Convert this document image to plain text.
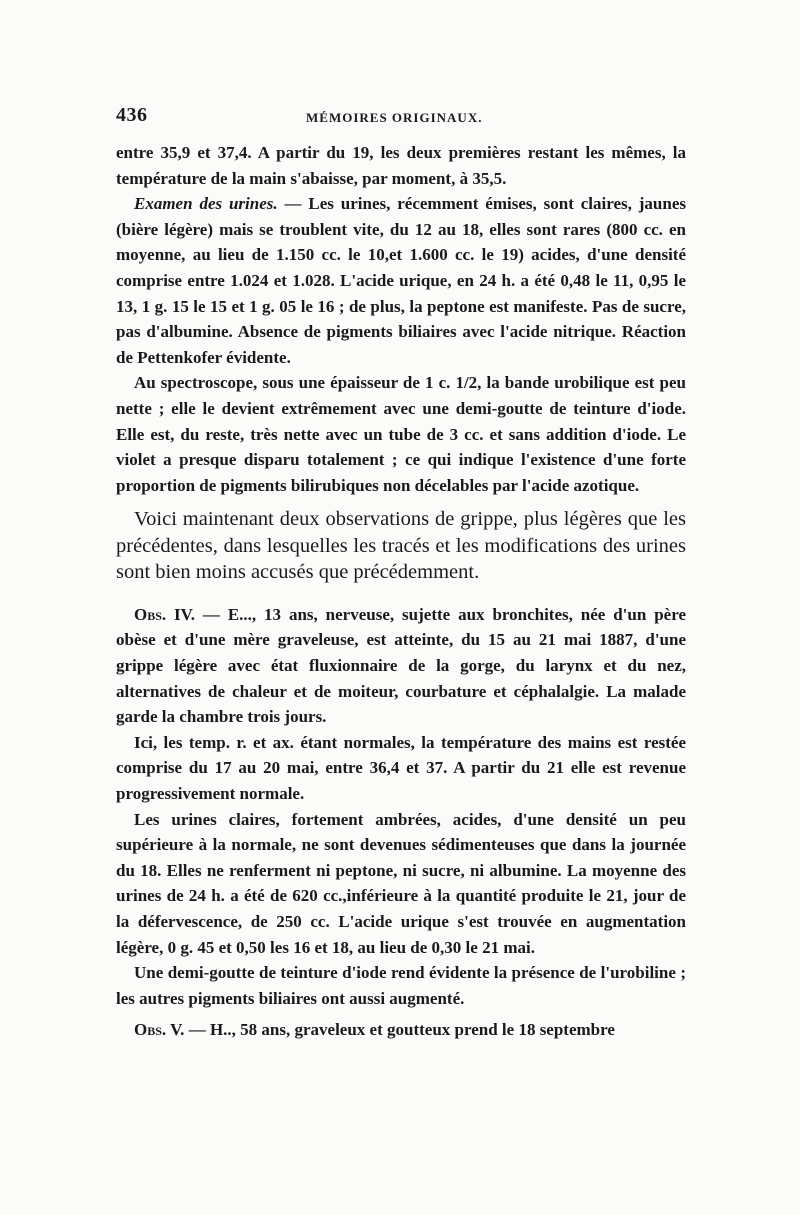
436	MÉMOIRES ORIGINAUX.

entre 35,9 et 37,4. A partir du 19, les deux premières restant les mêmes, la température de la main s'abaisse, par moment, à 35,5.

Examen des urines. — Les urines, récemment émises, sont claires, jaunes (bière légère) mais se troublent vite, du 12 au 18, elles sont rares (800 cc. en moyenne, au lieu de 1.150 cc. le 10,et 1.600 cc. le 19) acides, d'une densité comprise entre 1.024 et 1.028. L'acide urique, en 24 h. a été 0,48 le 11, 0,95 le 13, 1 g. 15 le 15 et 1 g. 05 le 16 ; de plus, la peptone est manifeste. Pas de sucre, pas d'albumine. Absence de pigments biliaires avec l'acide nitrique. Réaction de Pettenkofer évidente.

Au spectroscope, sous une épaisseur de 1 c. 1/2, la bande urobilique est peu nette ; elle le devient extrêmement avec une demi-goutte de teinture d'iode. Elle est, du reste, très nette avec un tube de 3 cc. et sans addition d'iode. Le violet a presque disparu totalement ; ce qui indique l'existence d'une forte proportion de pigments bilirubiques non décelables par l'acide azotique.

Voici maintenant deux observations de grippe, plus légères que les précédentes, dans lesquelles les tracés et les modifications des urines sont bien moins accusés que précédemment.

Obs. IV. — E..., 13 ans, nerveuse, sujette aux bronchites, née d'un père obèse et d'une mère graveleuse, est atteinte, du 15 au 21 mai 1887, d'une grippe légère avec état fluxionnaire de la gorge, du larynx et du nez, alternatives de chaleur et de moiteur, courbature et céphalalgie. La malade garde la chambre trois jours.

Ici, les temp. r. et ax. étant normales, la température des mains est restée comprise du 17 au 20 mai, entre 36,4 et 37. A partir du 21 elle est revenue progressivement normale.

Les urines claires, fortement ambrées, acides, d'une densité un peu supérieure à la normale, ne sont devenues sédimenteuses que dans la journée du 18. Elles ne renferment ni peptone, ni sucre, ni albumine. La moyenne des urines de 24 h. a été de 620 cc.,inférieure à la quantité produite le 21, jour de la défervescence, de 250 cc. L'acide urique s'est trouvée en augmentation légère, 0 g. 45 et 0,50 les 16 et 18, au lieu de 0,30 le 21 mai.

Une demi-goutte de teinture d'iode rend évidente la présence de l'urobiline ; les autres pigments biliaires ont aussi augmenté.

Obs. V. — H.., 58 ans, graveleux et goutteux prend le 18 septembre
